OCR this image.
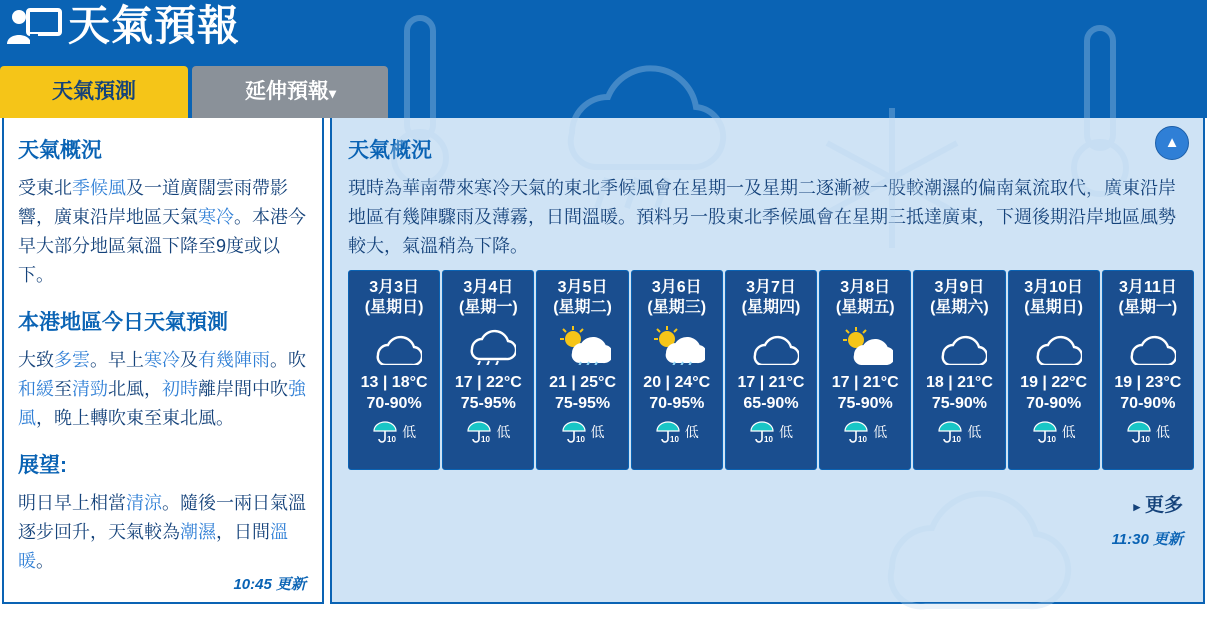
天氣預報
天氣預測	延伸預報▾
天氣概況
受東北季候風及一道廣闊雲雨帶影響，廣東沿岸地區天氣寒冷。本港今早大部分地區氣溫下降至9度或以下。
本港地區今日天氣預測
大致多雲。早上寒冷及有幾陣雨。吹和緩至清勁北風，初時離岸間中吹強風，晚上轉吹東至東北風。
展望:
明日早上相當清涼。隨後一兩日氣溫逐步回升，天氣較為潮濕，日間溫暖。
10:45 更新
▲
天氣概況
現時為華南帶來寒冷天氣的東北季候風會在星期一及星期二逐漸被一股較潮濕的偏南氣流取代，廣東沿岸地區有幾陣驟雨及薄霧，日間溫暖。預料另一股東北季候風會在星期三抵達廣東，下週後期沿岸地區風勢較大，氣溫稍為下降。
3月3日
(星期日)
13 | 18°C
70-90%
10 低
3月4日
(星期一)
17 | 22°C
75-95%
10 低
3月5日
(星期二)
21 | 25°C
75-95%
10 低
3月6日
(星期三)
20 | 24°C
70-95%
10 低
3月7日
(星期四)
17 | 21°C
65-90%
10 低
3月8日
(星期五)
17 | 21°C
75-90%
10 低
3月9日
(星期六)
18 | 21°C
75-90%
10 低
3月10日
(星期日)
19 | 22°C
70-90%
10 低
3月11日
(星期一)
19 | 23°C
70-90%
10 低
▸ 更多
11:30 更新
